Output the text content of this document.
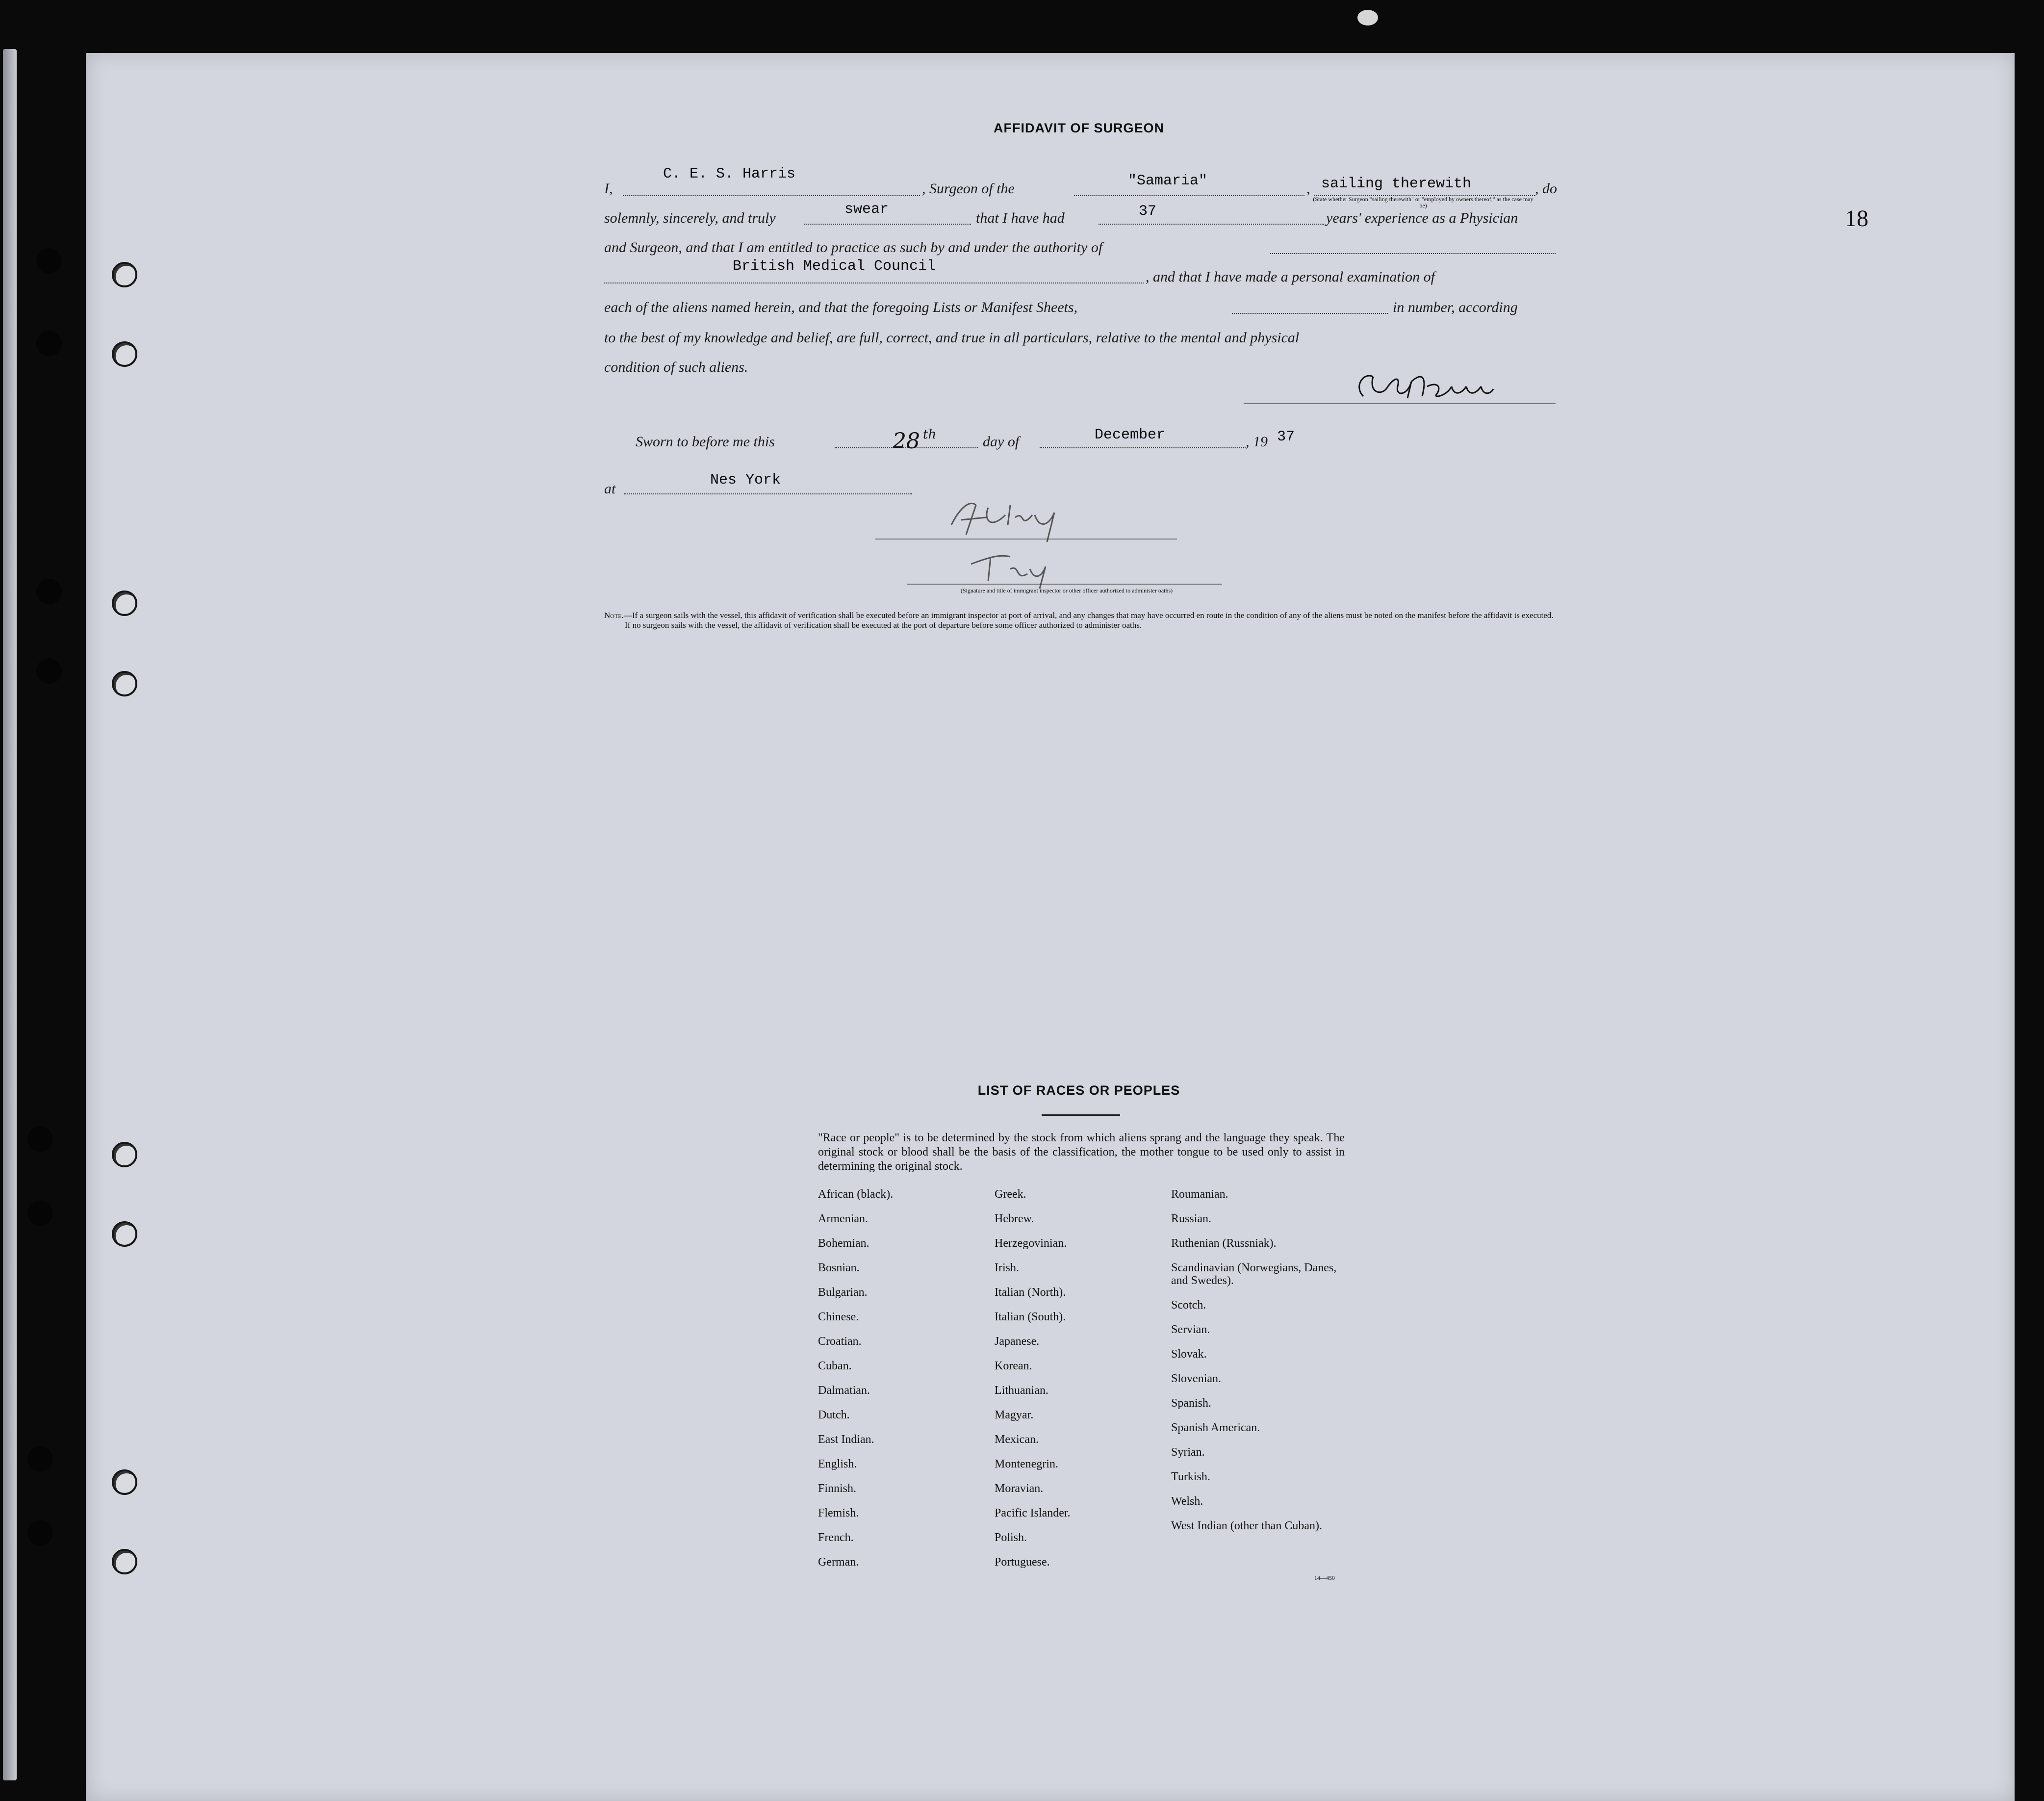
18
AFFIDAVIT OF SURGEON
I,
C. E. S. Harris
, Surgeon of the	"Samaria"	, sailing therewith	, do
(State whether Surgeon "sailing therewith" or "employed by owners thereof," as the case may be)
solemnly, sincerely, and truly
swear
that I have had	37	years' experience as a Physician
and Surgeon, and that I am entitled to practice as such by and under the authority of
British Medical Council
, and that I have made a personal examination of
each of the aliens named herein, and that the foregoing Lists or Manifest Sheets,	in number, according
to the best of my knowledge and belief, are full, correct, and true in all particulars, relative to the mental and physical
condition of such aliens.
Sworn to before me this	28 th	day of	December	, 19 37
at
Nes York
(Signature and title of immigrant inspector or other officer authorized to administer oaths)
Note.—If a surgeon sails with the vessel, this affidavit of verification shall be executed before an immigrant inspector at port of arrival, and any changes that may have occurred en route in the condition of any of the aliens must be noted on the manifest before the affidavit is executed.
If no surgeon sails with the vessel, the affidavit of verification shall be executed at the port of departure before some officer authorized to administer oaths.
LIST OF RACES OR PEOPLES
"Race or people" is to be determined by the stock from which aliens sprang and the language they speak. The original stock or blood shall be the basis of the classification, the mother tongue to be used only to assist in determining the original stock.
African (black).
Armenian.
Bohemian.
Bosnian.
Bulgarian.
Chinese.
Croatian.
Cuban.
Dalmatian.
Dutch.
East Indian.
English.
Finnish.
Flemish.
French.
German.
Greek.
Hebrew.
Herzegovinian.
Irish.
Italian (North).
Italian (South).
Japanese.
Korean.
Lithuanian.
Magyar.
Mexican.
Montenegrin.
Moravian.
Pacific Islander.
Polish.
Portuguese.
Roumanian.
Russian.
Ruthenian (Russniak).
Scandinavian (Norwegians, Danes, and Swedes).
Scotch.
Servian.
Slovak.
Slovenian.
Spanish.
Spanish American.
Syrian.
Turkish.
Welsh.
West Indian (other than Cuban).
14—450
